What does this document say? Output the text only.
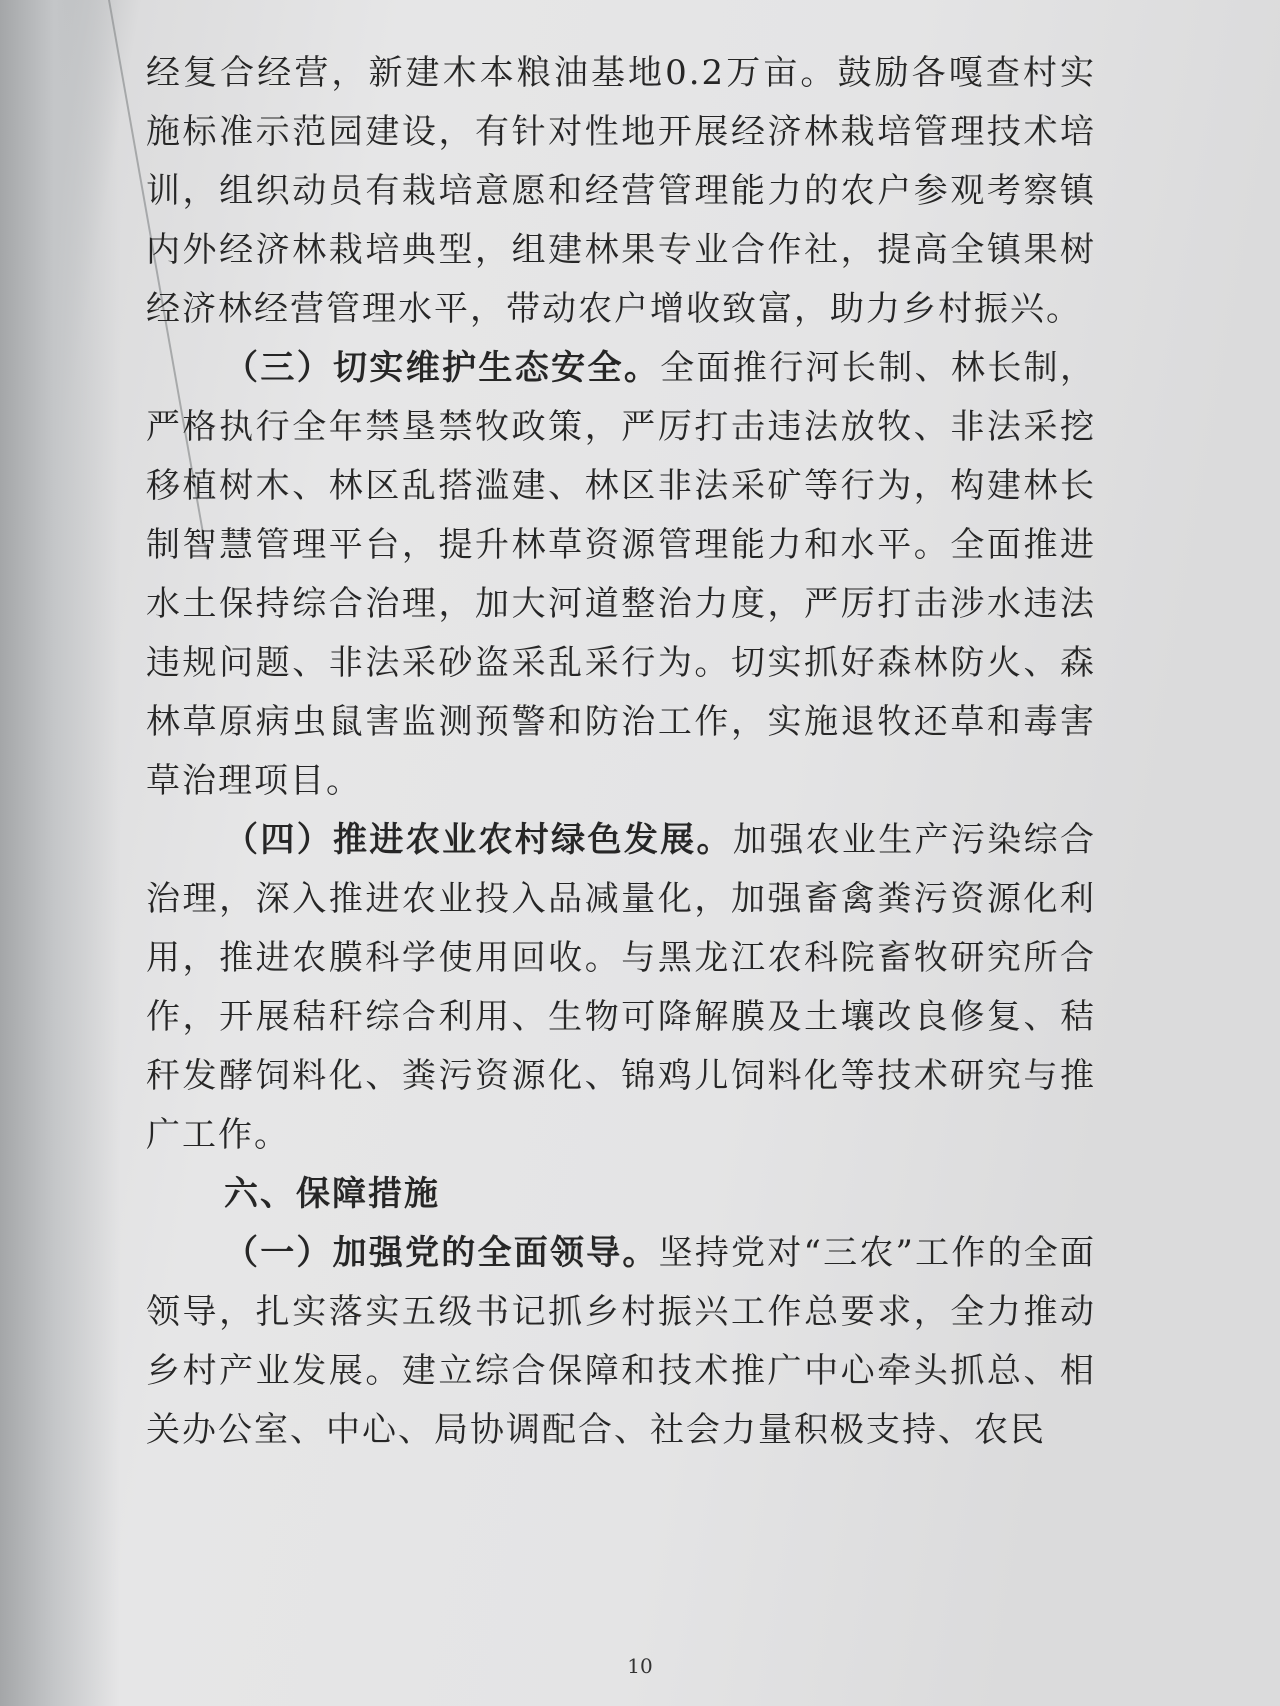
经复合经营，新建木本粮油基地0.2万亩。鼓励各嘎查村实施标准示范园建设，有针对性地开展经济林栽培管理技术培训，组织动员有栽培意愿和经营管理能力的农户参观考察镇内外经济林栽培典型，组建林果专业合作社，提高全镇果树经济林经营管理水平，带动农户增收致富，助力乡村振兴。

（三）切实维护生态安全。全面推行河长制、林长制，严格执行全年禁垦禁牧政策，严厉打击违法放牧、非法采挖移植树木、林区乱搭滥建、林区非法采矿等行为，构建林长制智慧管理平台，提升林草资源管理能力和水平。全面推进水土保持综合治理，加大河道整治力度，严厉打击涉水违法违规问题、非法采砂盗采乱采行为。切实抓好森林防火、森林草原病虫鼠害监测预警和防治工作，实施退牧还草和毒害草治理项目。

（四）推进农业农村绿色发展。加强农业生产污染综合治理，深入推进农业投入品减量化，加强畜禽粪污资源化利用，推进农膜科学使用回收。与黑龙江农科院畜牧研究所合作，开展秸秆综合利用、生物可降解膜及土壤改良修复、秸秆发酵饲料化、粪污资源化、锦鸡儿饲料化等技术研究与推广工作。

六、保障措施

（一）加强党的全面领导。坚持党对“三农”工作的全面领导，扎实落实五级书记抓乡村振兴工作总要求，全力推动乡村产业发展。建立综合保障和技术推广中心牵头抓总、相关办公室、中心、局协调配合、社会力量积极支持、农民

10
